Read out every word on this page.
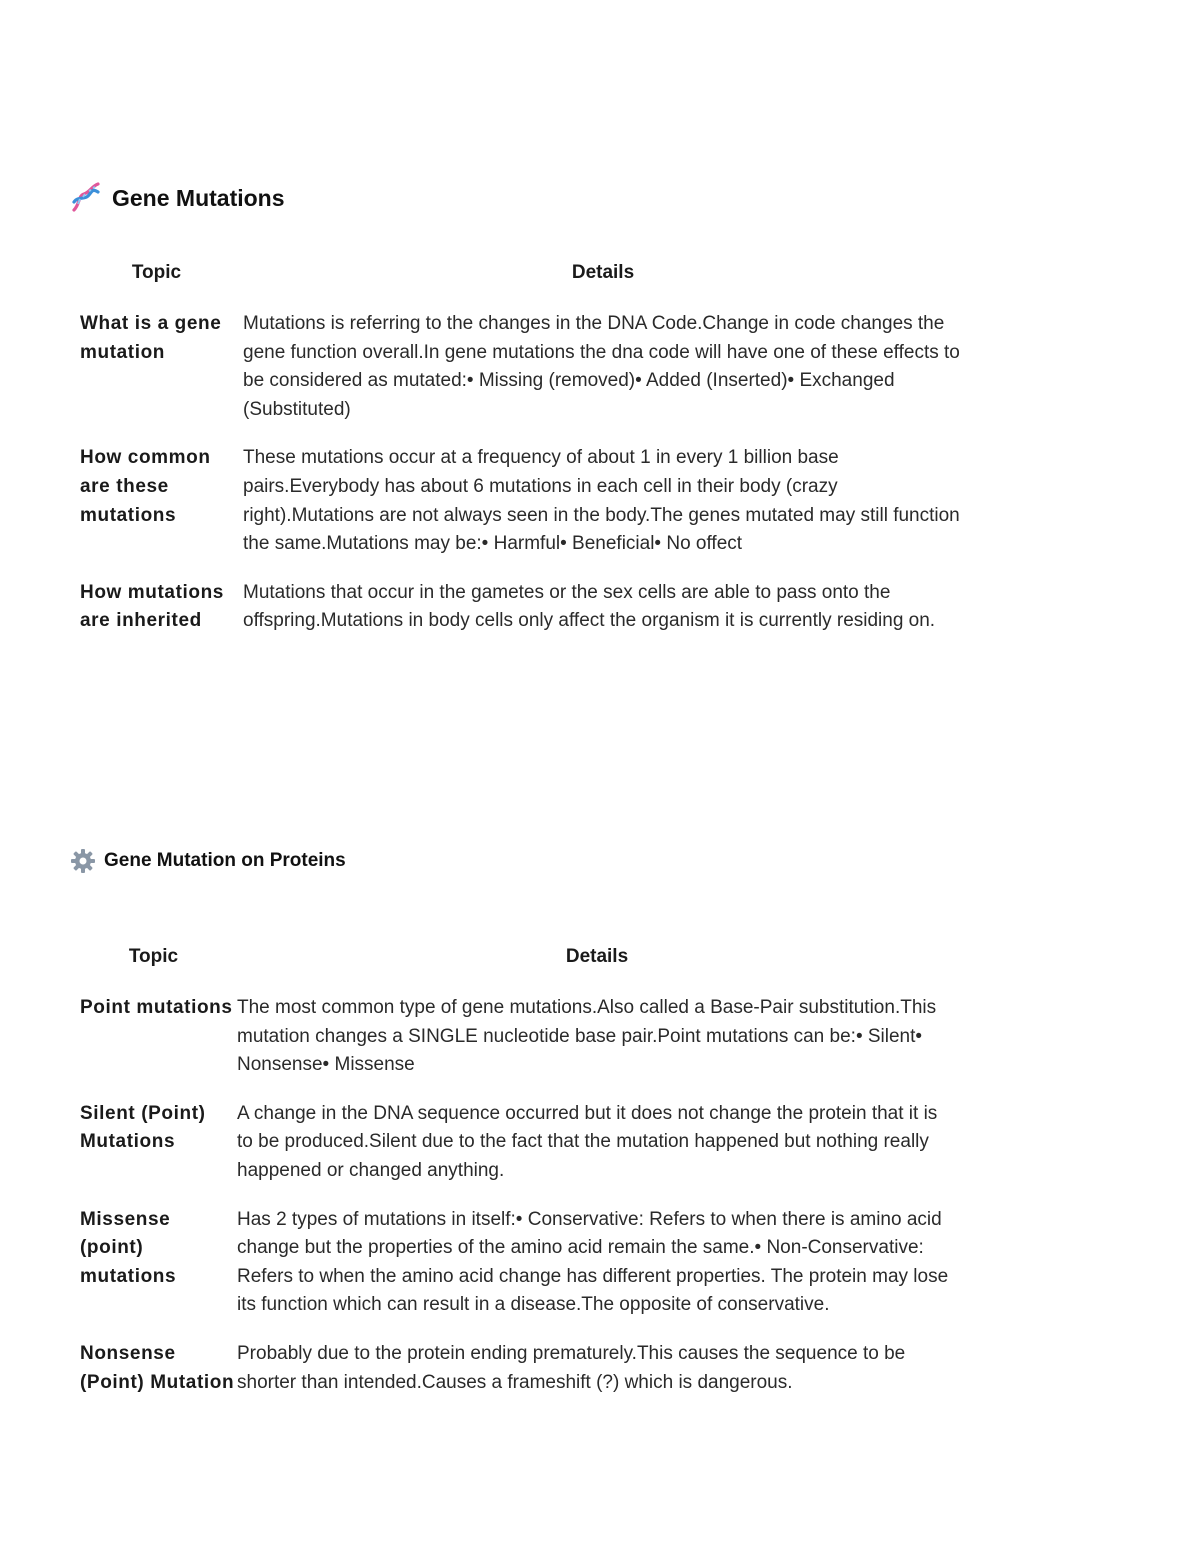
Gene Mutations
Topic	Details

What is a gene mutation	Mutations is referring to the changes in the DNA Code.Change in code changes the gene function overall.In gene mutations the dna code will have one of these effects to be considered as mutated:• Missing (removed)• Added (Inserted)• Exchanged (Substituted)

How common are these mutations	These mutations occur at a frequency of about 1 in every 1 billion base pairs.Everybody has about 6 mutations in each cell in their body (crazy right).Mutations are not always seen in the body.The genes mutated may still function the same.Mutations may be:• Harmful• Beneficial• No offect

How mutations are inherited	Mutations that occur in the gametes or the sex cells are able to pass onto the offspring.Mutations in body cells only affect the organism it is currently residing on.
Gene Mutation on Proteins
Topic	Details

Point mutations	The most common type of gene mutations.Also called a Base-Pair substitution.This mutation changes a SINGLE nucleotide base pair.Point mutations can be:• Silent• Nonsense• Missense

Silent (Point) Mutations	A change in the DNA sequence occurred but it does not change the protein that it is to be produced.Silent due to the fact that the mutation happened but nothing really happened or changed anything.

Missense (point) mutations	Has 2 types of mutations in itself:• Conservative: Refers to when there is amino acid change but the properties of the amino acid remain the same.• Non-Conservative: Refers to when the amino acid change has different properties. The protein may lose its function which can result in a disease.The opposite of conservative.

Nonsense (Point) Mutation	Probably due to the protein ending prematurely.This causes the sequence to be shorter than intended.Causes a frameshift (?) which is dangerous.
